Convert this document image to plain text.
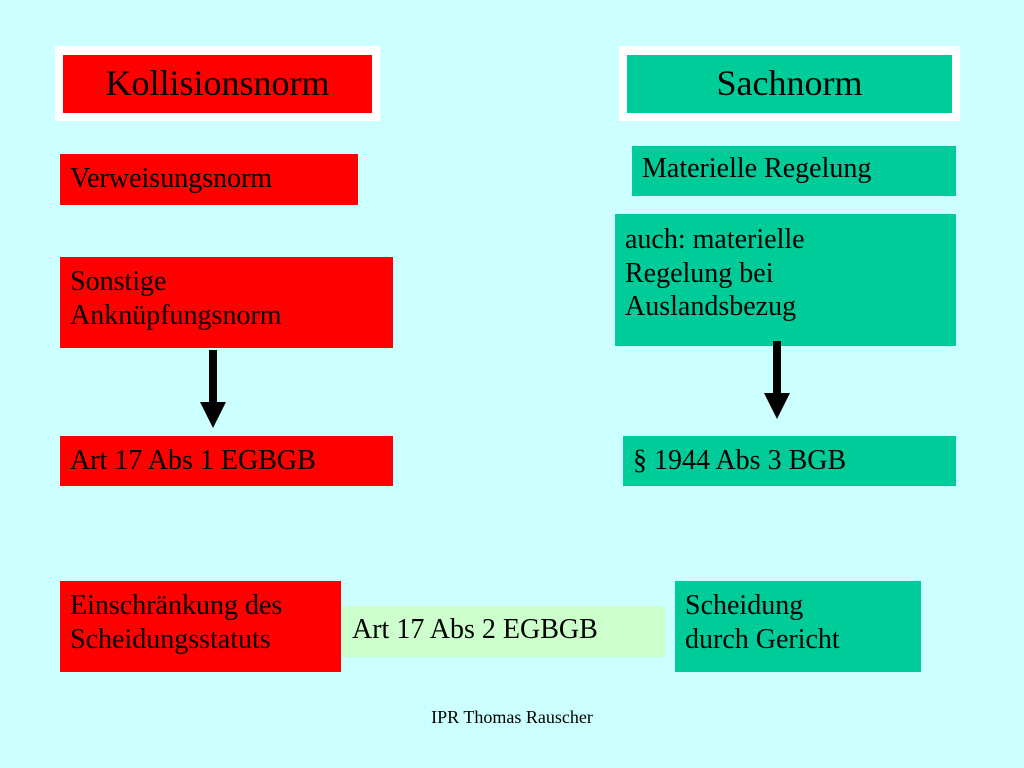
Kollisionsnorm	Sachnorm
Verweisungsnorm
Sonstige
Anknüpfungsnorm
Art 17 Abs 1 EGBGB
Einschränkung des
Scheidungsstatuts	Art 17 Abs 2 EGBGB
Materielle Regelung
auch: materielle
Regelung bei
Auslandsbezug
§ 1944 Abs 3 BGB
Scheidung
durch Gericht
IPR Thomas Rauscher
